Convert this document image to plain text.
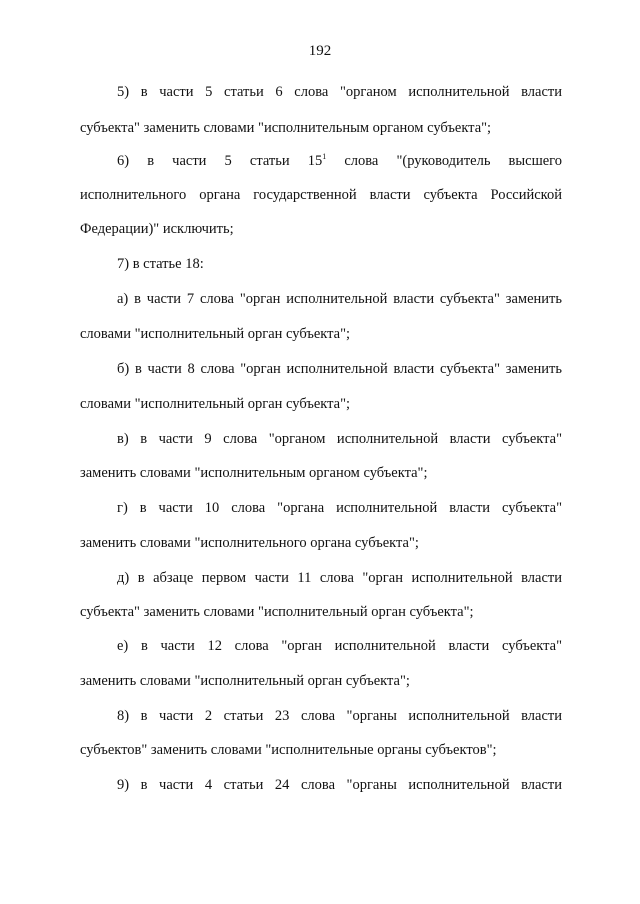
192
5) в части 5 статьи 6 слова "органом исполнительной власти
субъекта" заменить словами "исполнительным органом субъекта";
6) в части 5 статьи $15^1$ слова "(руководитель высшего
исполнительного органа государственной власти субъекта Российской
Федерации)" исключить;
7) в статье 18:
а) в части 7 слова "орган исполнительной власти субъекта" заменить
словами "исполнительный орган субъекта";
б) в части 8 слова "орган исполнительной власти субъекта" заменить
словами "исполнительный орган субъекта";
в) в части 9 слова "органом исполнительной власти субъекта"
заменить словами "исполнительным органом субъекта";
г) в части 10 слова "органа исполнительной власти субъекта"
заменить словами "исполнительного органа субъекта";
д) в абзаце первом части 11 слова "орган исполнительной власти
субъекта" заменить словами "исполнительный орган субъекта";
е) в части 12 слова "орган исполнительной власти субъекта"
заменить словами "исполнительный орган субъекта";
8) в части 2 статьи 23 слова "органы исполнительной власти
субъектов" заменить словами "исполнительные органы субъектов";
9) в части 4 статьи 24 слова "органы исполнительной власти
